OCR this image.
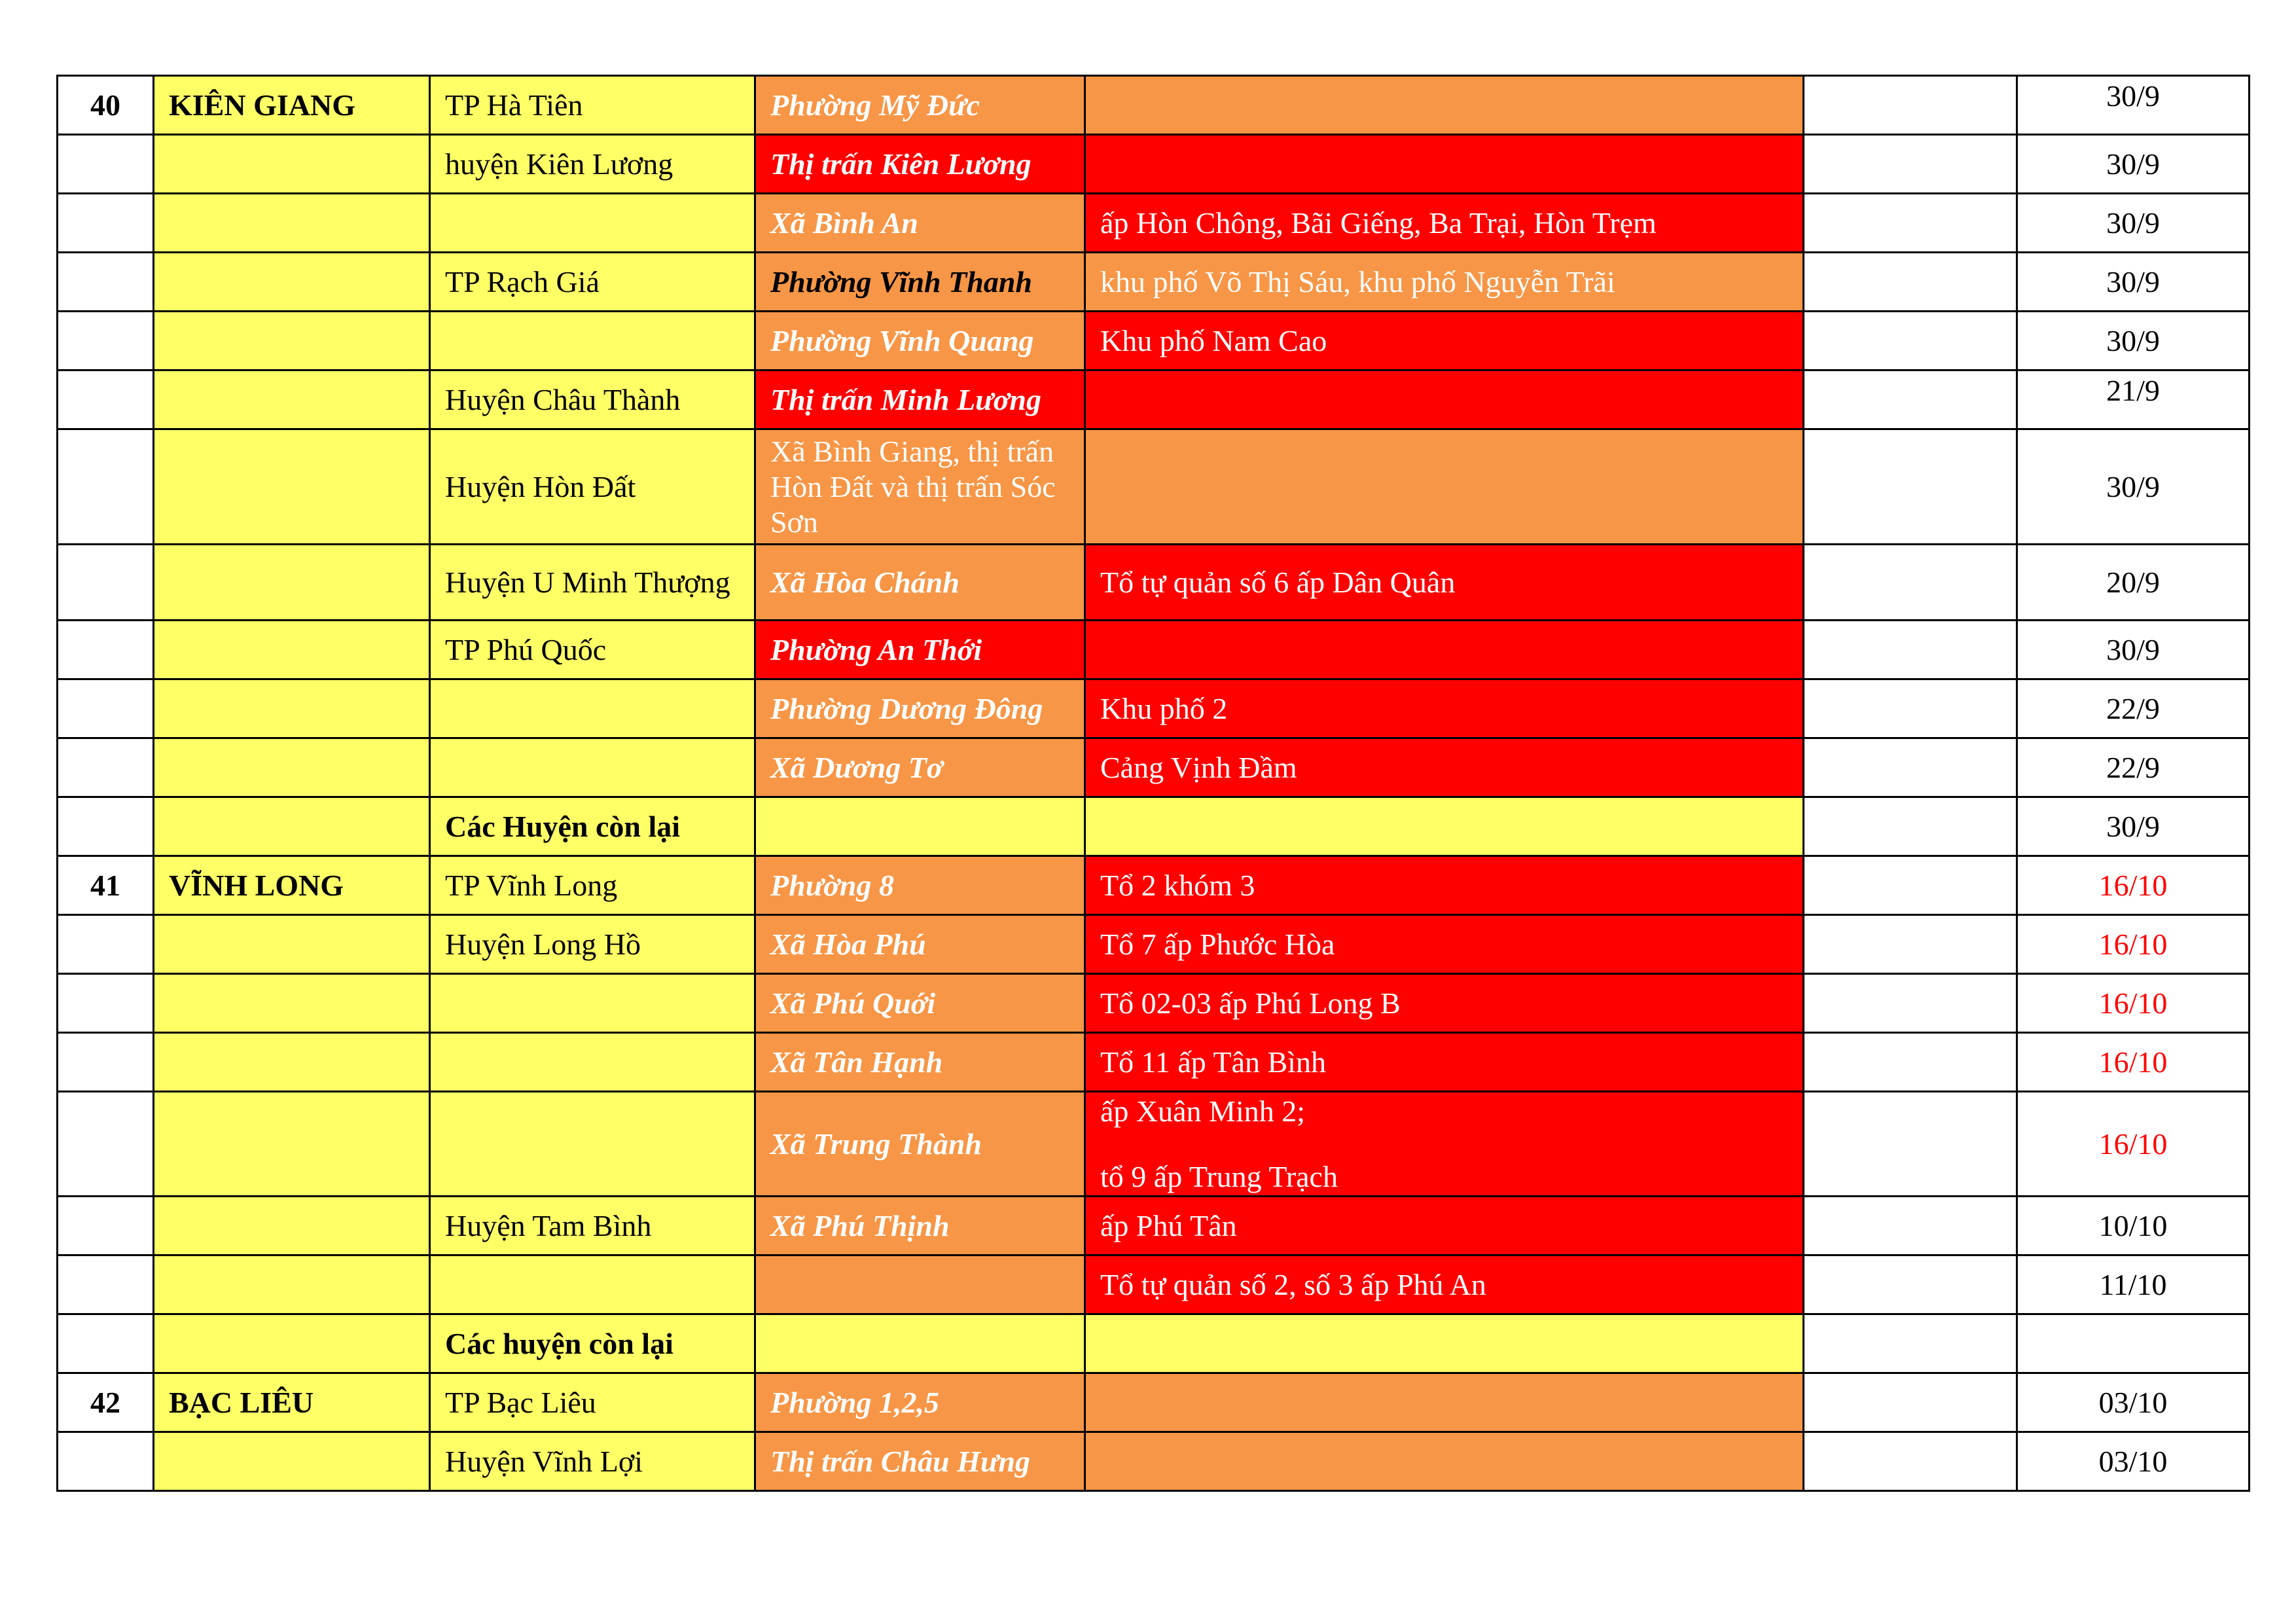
40	KIÊN GIANG	TP Hà Tiên	Phường Mỹ Đức			30/9
		huyện Kiên Lương	Thị trấn Kiên Lương			30/9
			Xã Bình An	ấp Hòn Chông, Bãi Giếng, Ba Trại, Hòn Trẹm		30/9
		TP Rạch Giá	Phường Vĩnh Thanh	khu phố Võ Thị Sáu, khu phố Nguyễn Trãi		30/9
			Phường Vĩnh Quang	Khu phố Nam Cao		30/9
		Huyện Châu Thành	Thị trấn Minh Lương			21/9
		Huyện Hòn Đất	Xã Bình Giang, thị trấn Hòn Đất và thị trấn Sóc Sơn			30/9
		Huyện U Minh Thượng	Xã Hòa Chánh	Tổ tự quản số 6 ấp Dân Quân		20/9
		TP Phú Quốc	Phường An Thới			30/9
			Phường Dương Đông	Khu phố 2		22/9
			Xã Dương Tơ	Cảng Vịnh Đầm		22/9
		Các Huyện còn lại				30/9
41	VĨNH LONG	TP Vĩnh Long	Phường 8	Tổ 2 khóm 3		16/10
		Huyện Long Hồ	Xã Hòa Phú	Tổ 7 ấp Phước Hòa		16/10
			Xã Phú Quới	Tổ 02-03 ấp Phú Long B		16/10
			Xã Tân Hạnh	Tổ 11 ấp Tân Bình		16/10
			Xã Trung Thành	ấp Xuân Minh 2;
tổ 9 ấp Trung Trạch		16/10
		Huyện Tam Bình	Xã Phú Thịnh	ấp Phú Tân		10/10

				Tổ tự quản số 2, số 3 ấp Phú An		11/10
		Các huyện còn lại		

42	BẠC LIÊU	TP Bạc Liêu	Phường 1,2,5			03/10
		Huyện Vĩnh Lợi	Thị trấn Châu Hưng			03/10
